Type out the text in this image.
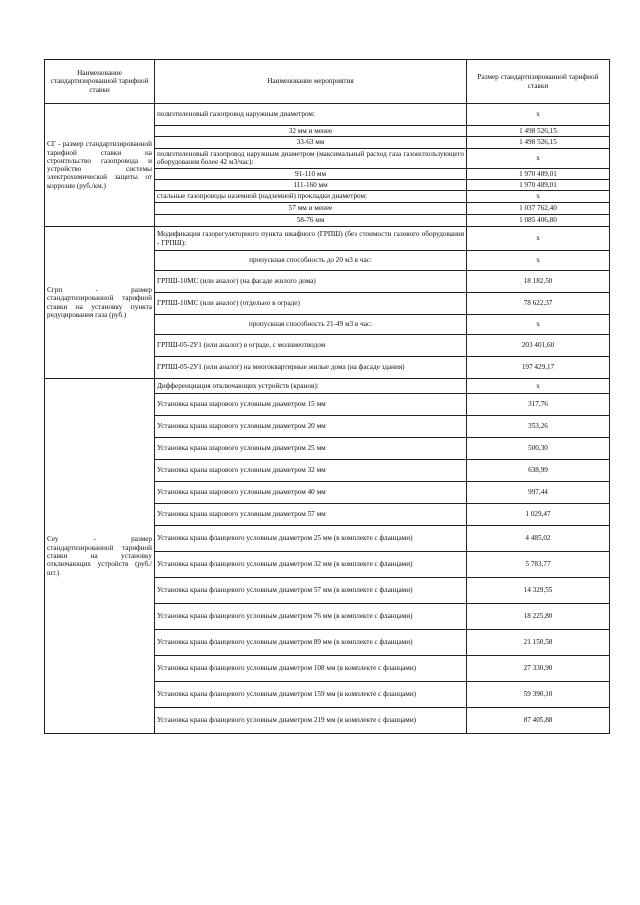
Наименование стандартизированной тарифной ставки	Наименование мероприятия	Размер стандартизированной тарифной ставки
СГ - размер стандартизированной тарифной ставки на строительство газопровода и устройство системы электрохимической защиты от коррозии (руб./км.)	полиэтиленовый газопровод наружным диаметром:	х
	32 мм и менее	1 498 526,15
	33-63 мм	1 498 526,15
	полиэтиленовый газопровод наружным диаметром (максимальный расход газа газоиспользующего оборудования более 42 м3/час):	х
	91-110 мм	1 970 489,01
	111-160 мм	1 970 489,01
	стальные газопроводы наземной (надземной) прокладки диаметром:	х
	57 мм и менее	1 037 762,40
	58-76 мм	1 085 406,80
Сгрп - размер стандартизированной тарифной ставки на установку пункта редуцирования газа (руб.)	Модификация газорегуляторного пункта шкафного (ГРПШ) (без стоимости газового оборудования - ГРПШ):	х
	пропускная способность до 20 м3 в час:	х
	ГРПШ-10МС (или аналог) (на фасаде жилого дома)	18 182,50
	ГРПШ-10МС (или аналог) (отдельно в ограде)	78 622,37
	пропускная способность 21-49 м3 в час:	х
	ГРПШ-05-2У1 (или аналог) в ограде, с молниеотводом	203 401,60
	ГРПШ-05-2У1 (или аналог) на многоквартирные жилые дома (на фасаде здания)	197 429,17
Сеу - размер стандартизированной тарифной ставки на установку отключающих устройств (руб./шт.)	Дифференциация отключающих устройств (кранов):	х
	Установка крана шарового условным диаметром 15 мм	317,76
	Установка крана шарового условным диаметром 20 мм	353,26
	Установка крана шарового условным диаметром 25 мм	500,30
	Установка крана шарового условным диаметром 32 мм	638,99
	Установка крана шарового условным диаметром 40 мм	997,44
	Установка крана шарового условным диаметром 57 мм	1 029,47
	Установка крана фланцевого условным диаметром 25 мм (в комплекте с фланцами)	4 485,02
	Установка крана фланцевого условным диаметром 32 мм (в комплекте с фланцами)	5 783,77
	Установка крана фланцевого условным диаметром 57 мм (в комплекте с фланцами)	14 329,55
	Установка крана фланцевого условным диаметром 76 мм (в комплекте с фланцами)	18 225,80
	Установка крана фланцевого условным диаметром 89 мм (в комплекте с фланцами)	21 150,58
	Установка крана фланцевого условным диаметром 108 мм (в комплекте с фланцами)	27 330,90
	Установка крана фланцевого условным диаметром 159 мм (в комплекте с фланцами)	59 390,10
	Установка крана фланцевого условным диаметром 219 мм (в комплекте с фланцами)	87 405,88
